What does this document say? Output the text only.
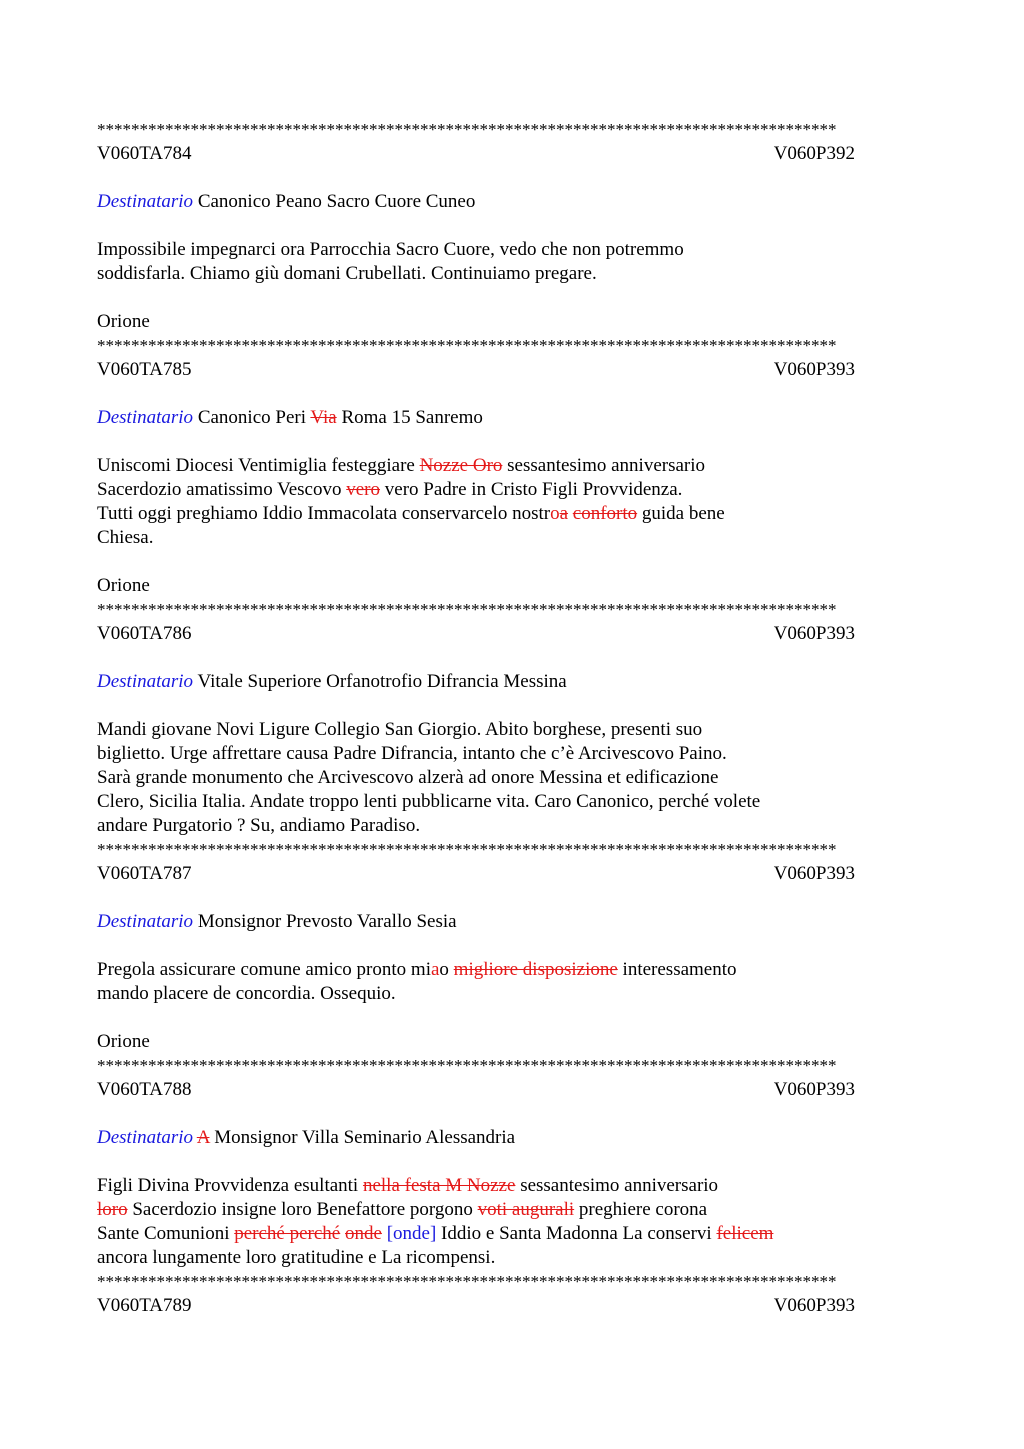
***************************************************************************************
V060TA784	V060P392
Destinatario Canonico Peano Sacro Cuore Cuneo
Impossibile impegnarci ora Parrocchia Sacro Cuore, vedo che non potremmo
soddisfarla. Chiamo giù domani Crubellati. Continuiamo pregare.
Orione
***************************************************************************************
V060TA785	V060P393
Destinatario Canonico Peri Via Roma 15 Sanremo
Uniscomi Diocesi Ventimiglia festeggiare Nozze Oro sessantesimo anniversario
Sacerdozio amatissimo Vescovo vero vero Padre in Cristo Figli Provvidenza.
Tutti oggi preghiamo Iddio Immacolata conservarcelo nostroa conforto guida bene
Chiesa.
Orione
***************************************************************************************
V060TA786	V060P393
Destinatario Vitale Superiore Orfanotrofio Difrancia Messina
Mandi giovane Novi Ligure Collegio San Giorgio. Abito borghese, presenti suo
biglietto. Urge affrettare causa Padre Difrancia, intanto che c’è Arcivescovo Paino.
Sarà grande monumento che Arcivescovo alzerà ad onore Messina et edificazione
Clero, Sicilia Italia. Andate troppo lenti pubblicarne vita. Caro Canonico, perché volete
andare Purgatorio ? Su, andiamo Paradiso.
***************************************************************************************
V060TA787	V060P393
Destinatario Monsignor Prevosto Varallo Sesia
Pregola assicurare comune amico pronto miao migliore disposizione interessamento
mando placere de concordia. Ossequio.
Orione
***************************************************************************************
V060TA788	V060P393
Destinatario A Monsignor Villa Seminario Alessandria
Figli Divina Provvidenza esultanti nella festa M Nozze sessantesimo anniversario
loro Sacerdozio insigne loro Benefattore porgono voti augurali preghiere corona
Sante Comunioni perché perché onde [onde] Iddio e Santa Madonna La conservi felicem
ancora lungamente loro gratitudine e La ricompensi.
***************************************************************************************
V060TA789	V060P393
